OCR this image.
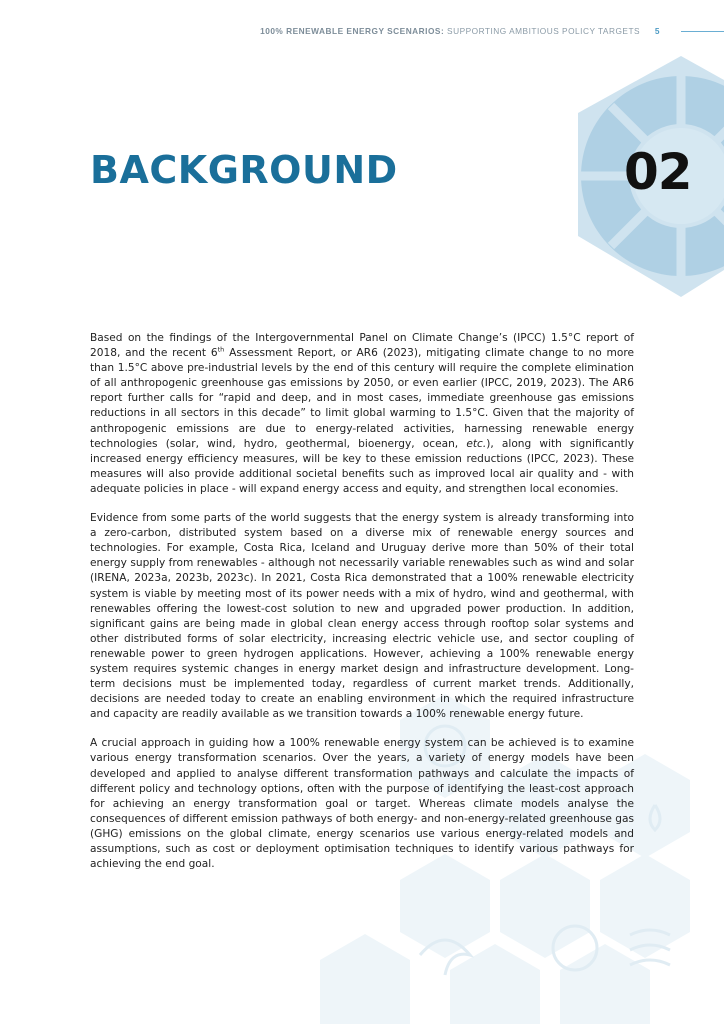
100% RENEWABLE ENERGY SCENARIOS: SUPPORTING AMBITIOUS POLICY TARGETS 5
BACKGROUND	02

Based on the findings of the Intergovernmental Panel on Climate Change’s (IPCC) 1.5°C report of 2018, and the recent 6th Assessment Report, or AR6 (2023), mitigating climate change to no more than 1.5°C above pre-industrial levels by the end of this century will require the complete elimination of all anthropogenic greenhouse gas emissions by 2050, or even earlier (IPCC, 2019, 2023). The AR6 report further calls for “rapid and deep, and in most cases, immediate greenhouse gas emissions reductions in all sectors in this decade” to limit global warming to 1.5°C. Given that the majority of anthropogenic emissions are due to energy-related activities, harnessing renewable energy technologies (solar, wind, hydro, geothermal, bioenergy, ocean, etc.), along with significantly increased energy efficiency measures, will be key to these emission reductions (IPCC, 2023). These measures will also provide additional societal benefits such as improved local air quality and - with adequate policies in place - will expand energy access and equity, and strengthen local economies.

Evidence from some parts of the world suggests that the energy system is already transforming into a zero-carbon, distributed system based on a diverse mix of renewable energy sources and technologies. For example, Costa Rica, Iceland and Uruguay derive more than 50% of their total energy supply from renewables - although not necessarily variable renewables such as wind and solar (IRENA, 2023a, 2023b, 2023c). In 2021, Costa Rica demonstrated that a 100% renewable electricity system is viable by meeting most of its power needs with a mix of hydro, wind and geothermal, with renewables offering the lowest-cost solution to new and upgraded power production. In addition, significant gains are being made in global clean energy access through rooftop solar systems and other distributed forms of solar electricity, increasing electric vehicle use, and sector coupling of renewable power to green hydrogen applications. However, achieving a 100% renewable energy system requires systemic changes in energy market design and infrastructure development. Long-term decisions must be implemented today, regardless of current market trends. Additionally, decisions are needed today to create an enabling environment in which the required infrastructure and capacity are readily available as we transition towards a 100% renewable energy future.

A crucial approach in guiding how a 100% renewable energy system can be achieved is to examine various energy transformation scenarios. Over the years, a variety of energy models have been developed and applied to analyse different transformation pathways and calculate the impacts of different policy and technology options, often with the purpose of identifying the least-cost approach for achieving an energy transformation goal or target. Whereas climate models analyse the consequences of different emission pathways of both energy- and non-energy-related greenhouse gas (GHG) emissions on the global climate, energy scenarios use various energy-related models and assumptions, such as cost or deployment optimisation techniques to identify various pathways for achieving the end goal.
